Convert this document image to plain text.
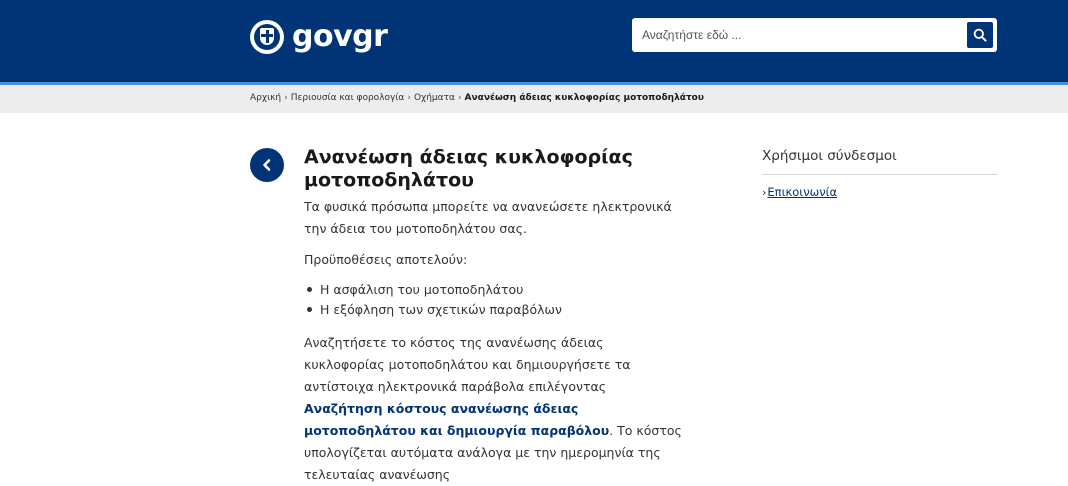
govgr
Αναζητήστε εδώ ...
Αρχική › Περιουσία και φορολογία › Οχήματα › Ανανέωση άδειας κυκλοφορίας μοτοποδηλάτου
Ανανέωση άδειας κυκλοφορίας μοτοποδηλάτου

Τα φυσικά πρόσωπα μπορείτε να ανανεώσετε ηλεκτρονικά την άδεια του μοτοποδηλάτου σας.

Προϋποθέσεις αποτελούν:

Η ασφάλιση του μοτοποδηλάτου
Η εξόφληση των σχετικών παραβόλων

Αναζητήσετε το κόστος της ανανέωσης άδειας κυκλοφορίας μοτοποδηλάτου και δημιουργήσετε τα αντίστοιχα ηλεκτρονικά παράβολα επιλέγοντας Αναζήτηση κόστους ανανέωσης άδειας μοτοποδηλάτου και δημιουργία παραβόλου. Το κόστος υπολογίζεται αυτόματα ανάλογα με την ημερομηνία της τελευταίας ανανέωσης

Χρήσιμοι σύνδεσμοι
›Επικοινωνία
